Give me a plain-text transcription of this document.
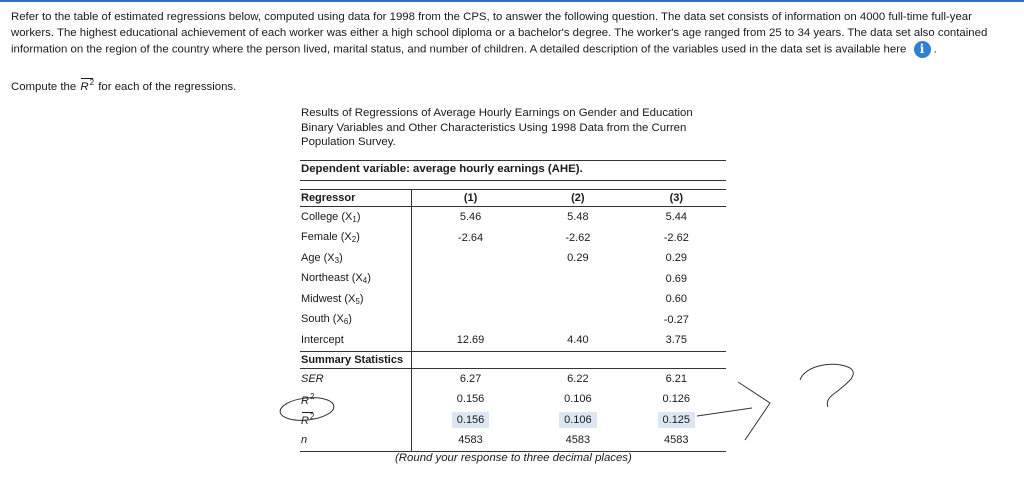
Refer to the table of estimated regressions below, computed using data for 1998 from the CPS, to answer the following question. The data set consists of information on 4000 full-time full-year workers. The highest educational achievement of each worker was either a high school diploma or a bachelor's degree. The worker's age ranged from 25 to 34 years. The data set also contained information on the region of the country where the person lived, marital status, and number of children. A detailed description of the variables used in the data set is available here i .

Compute the $R^2$ for each of the regressions.
Results of Regressions of Average Hourly Earnings on Gender and Education Binary Variables and Other Characteristics Using 1998 Data from the Curren Population Survey.
Dependent variable: average hourly earnings (AHE).
Regressor	(1)	(2)	(3)
College $(X_1)$	5.46	5.48	5.44
Female $(X_2)$	-2.64	-2.62	-2.62
Age $(X_3)$		0.29	0.29
Northeast $(X_4)$			0.69
Midwest $(X_5)$			0.60
South $(X_6)$			-0.27
Intercept	12.69	4.40	3.75
Summary Statistics			
SER	6.27	6.22	6.21
$R^2$	0.156	0.106	0.126

$R^2$	0.156	0.106	0.125
n	4583	4583	4583
(Round your response to three decimal places)
